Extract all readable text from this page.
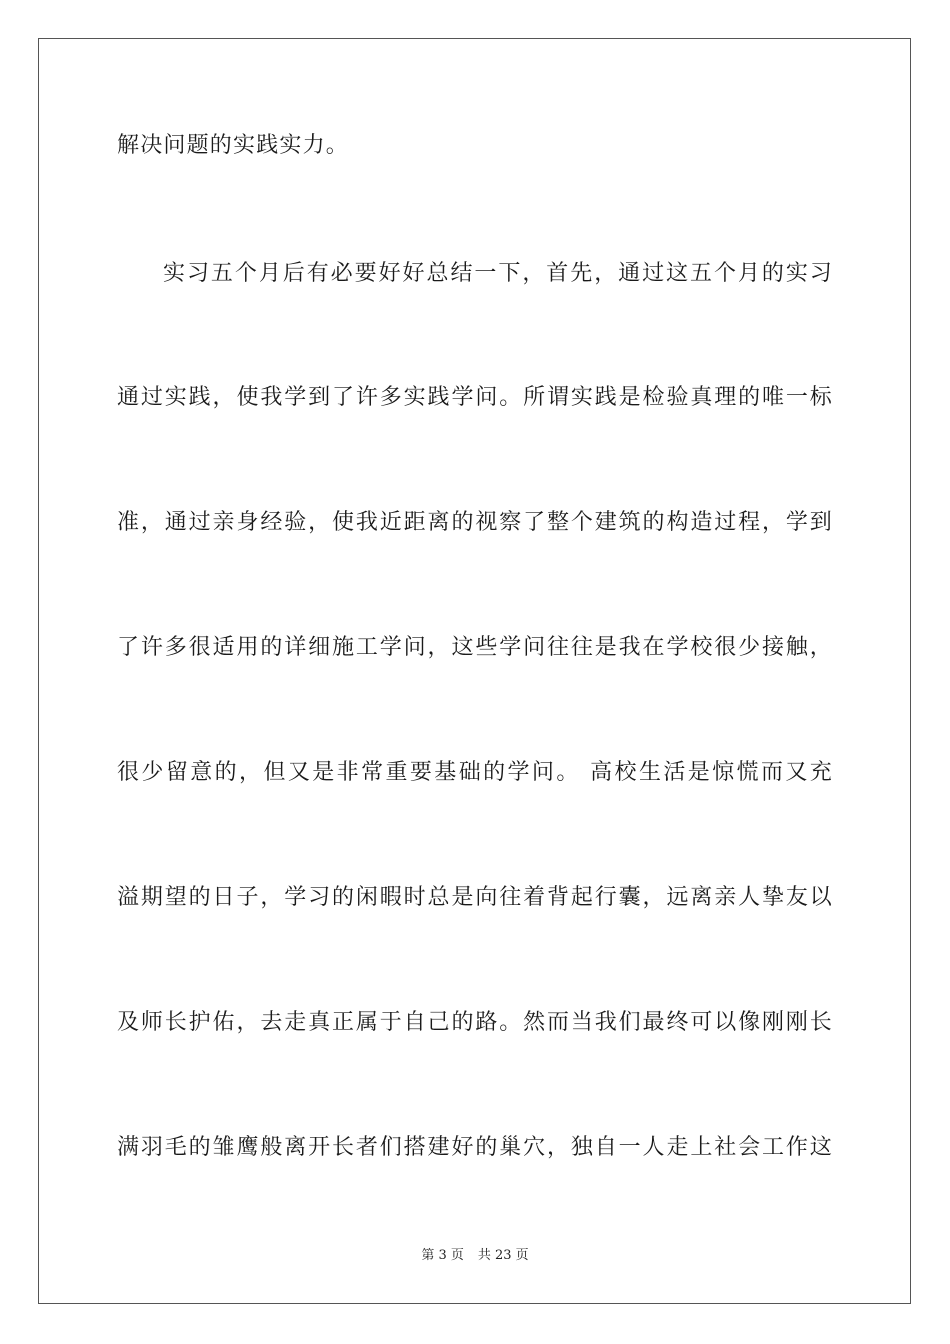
解决问题的实践实力。
实习五个月后有必要好好总结一下，首先，通过这五个月的实习
通过实践，使我学到了许多实践学问。所谓实践是检验真理的唯一标
准，通过亲身经验，使我近距离的视察了整个建筑的构造过程，学到
了许多很适用的详细施工学问，这些学问往往是我在学校很少接触，
很少留意的，但又是非常重要基础的学问。 高校生活是惊慌而又充
溢期望的日子，学习的闲暇时总是向往着背起行囊，远离亲人挚友以
及师长护佑，去走真正属于自己的路。然而当我们最终可以像刚刚长
满羽毛的雏鹰般离开长者们搭建好的巢穴，独自一人走上社会工作这
第 3 页 共 23 页
